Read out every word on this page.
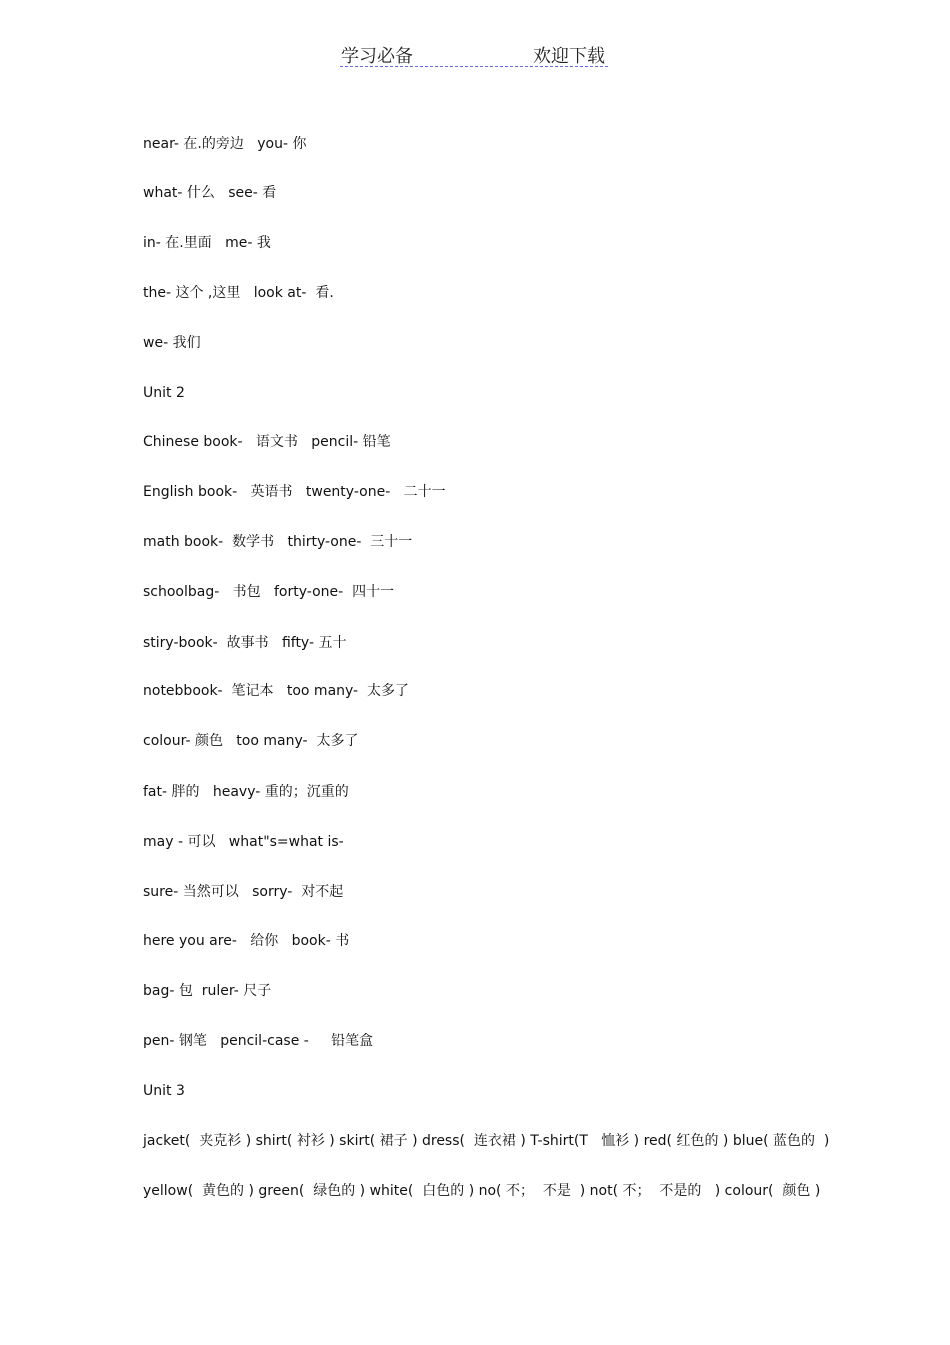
学习必备	欢迎下载
near- 在.的旁边   you- 你
what- 什么   see- 看
in- 在.里面   me- 我
the- 这个 ,这里   look at-  看.
we- 我们
Unit 2
Chinese book-   语文书   pencil- 铅笔
English book-   英语书   twenty-one-   二十一
math book-  数学书   thirty-one-  三十一
schoolbag-   书包   forty-one-  四十一
stiry-book-  故事书   fifty- 五十
notebbook-  笔记本   too many-  太多了
colour- 颜色   too many-  太多了
fat- 胖的   heavy- 重的；沉重的
may - 可以   what"s=what is-
sure- 当然可以   sorry-  对不起
here you are-   给你   book- 书
bag- 包  ruler- 尺子
pen- 钢笔   pencil-case -     铅笔盒
Unit 3
jacket(  夹克衫 ) shirt( 衬衫 ) skirt( 裙子 ) dress(  连衣裙 ) T-shirt(T   恤衫 ) red( 红色的 ) blue( 蓝色的  )
yellow(  黄色的 ) green(  绿色的 ) white(  白色的 ) no( 不；  不是  ) not( 不；  不是的   ) colour(  颜色 )
